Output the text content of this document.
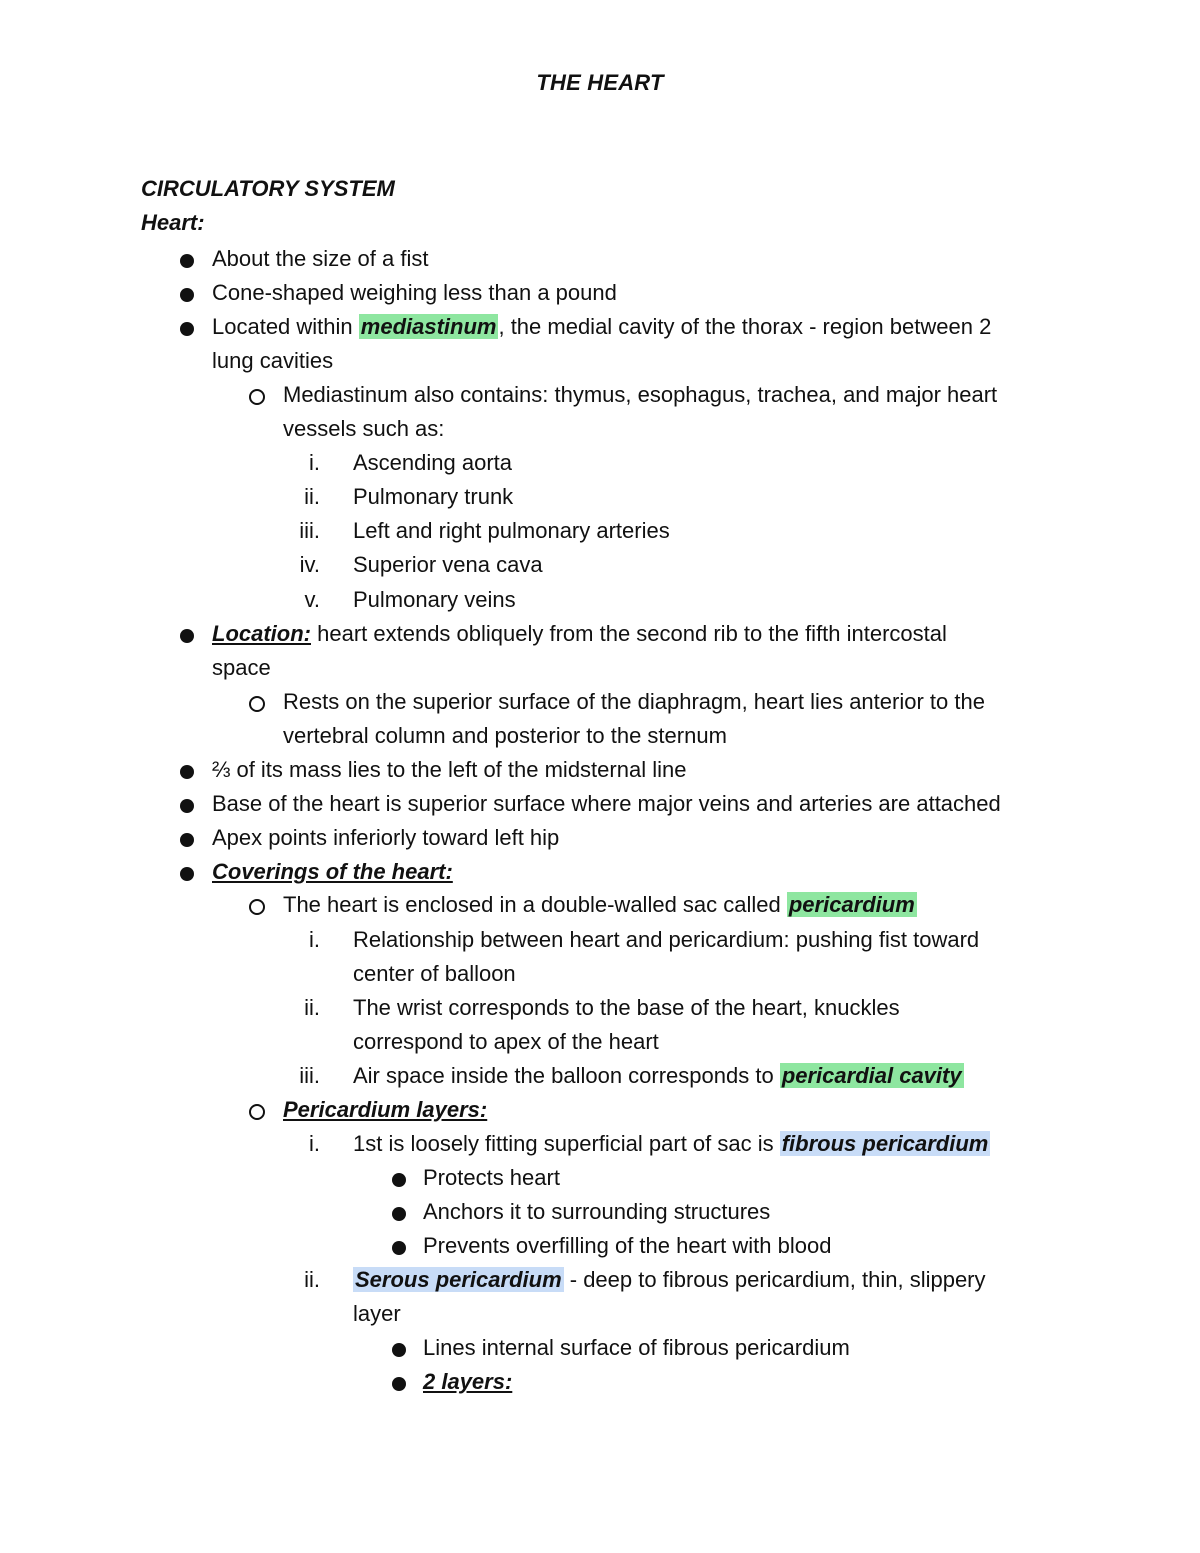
THE HEART
CIRCULATORY SYSTEM
Heart:
About the size of a fist
Cone-shaped weighing less than a pound
Located within mediastinum, the medial cavity of the thorax - region between 2
lung cavities
Mediastinum also contains: thymus, esophagus, trachea, and major heart
vessels such as:
i. Ascending aorta
ii. Pulmonary trunk
iii. Left and right pulmonary arteries
iv. Superior vena cava
v. Pulmonary veins
Location: heart extends obliquely from the second rib to the fifth intercostal
space
Rests on the superior surface of the diaphragm, heart lies anterior to the
vertebral column and posterior to the sternum
⅔ of its mass lies to the left of the midsternal line
Base of the heart is superior surface where major veins and arteries are attached
Apex points inferiorly toward left hip
Coverings of the heart:
The heart is enclosed in a double-walled sac called pericardium
i. Relationship between heart and pericardium: pushing fist toward
center of balloon
ii. The wrist corresponds to the base of the heart, knuckles
correspond to apex of the heart
iii. Air space inside the balloon corresponds to pericardial cavity
Pericardium layers:
i. 1st is loosely fitting superficial part of sac is fibrous pericardium
Protects heart
Anchors it to surrounding structures
Prevents overfilling of the heart with blood
ii. Serous pericardium - deep to fibrous pericardium, thin, slippery
layer
Lines internal surface of fibrous pericardium
2 layers:
